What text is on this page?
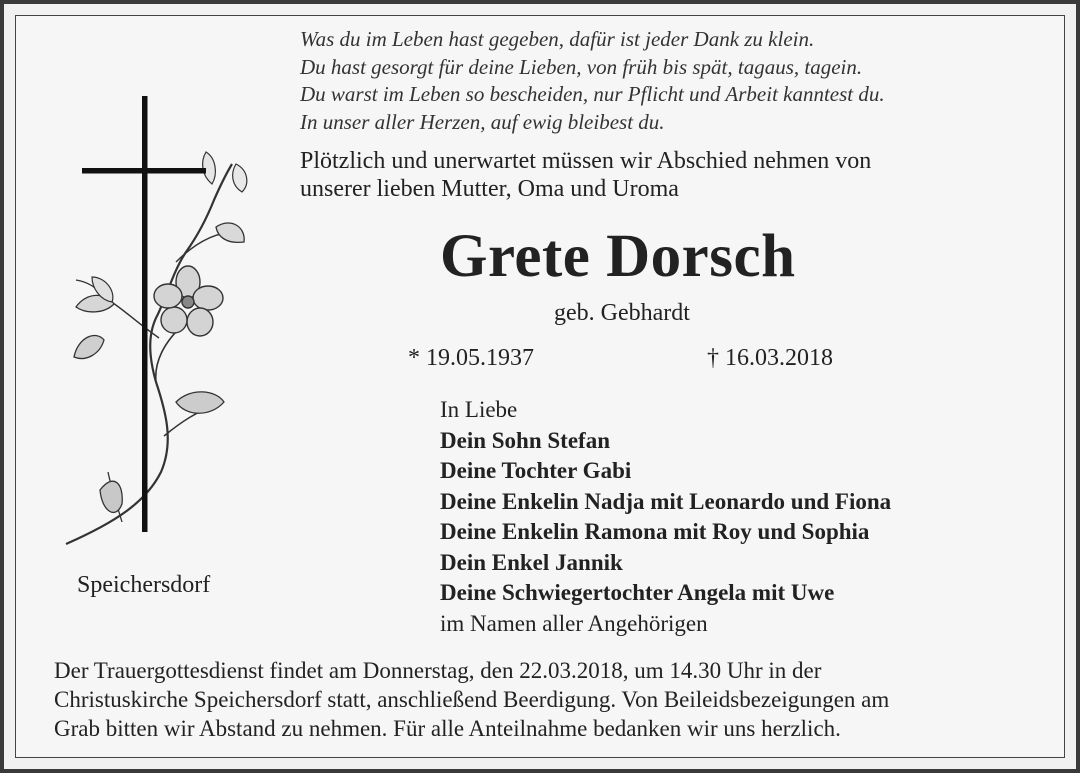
Was du im Leben hast gegeben, dafür ist jeder Dank zu klein.
Du hast gesorgt für deine Lieben, von früh bis spät, tagaus, tagein.
Du warst im Leben so bescheiden, nur Pflicht und Arbeit kanntest du.
In unser aller Herzen, auf ewig bleibest du.
Plötzlich und unerwartet müssen wir Abschied nehmen von
unserer lieben Mutter, Oma und Uroma
Grete Dorsch
geb. Gebhardt
* 19.05.1937	† 16.03.2018
In Liebe
Dein Sohn Stefan
Deine Tochter Gabi
Deine Enkelin Nadja mit Leonardo und Fiona
Deine Enkelin Ramona mit Roy und Sophia
Dein Enkel Jannik
Deine Schwiegertochter Angela mit Uwe
im Namen aller Angehörigen
Speichersdorf
Der Trauergottesdienst findet am Donnerstag, den 22.03.2018, um 14.30 Uhr in der
Christuskirche Speichersdorf statt, anschließend Beerdigung. Von Beileidsbezeigungen am
Grab bitten wir Abstand zu nehmen. Für alle Anteilnahme bedanken wir uns herzlich.
